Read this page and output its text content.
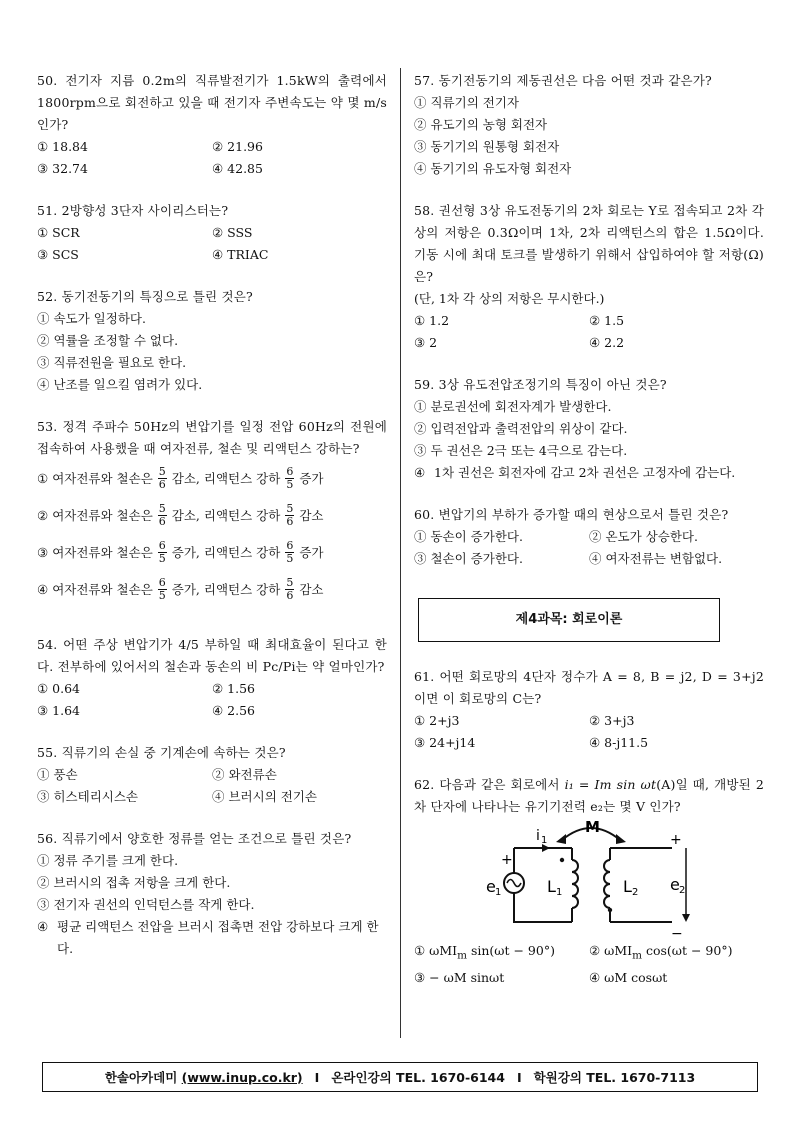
50. 전기자 지름 0.2m의 직류발전기가 1.5kW의 출력에서 1800rpm으로 회전하고 있을 때 전기자 주변속도는 약 몇 m/s 인가?
① 18.84	② 21.96
③ 32.74	④ 42.85
51. 2방향성 3단자 사이리스터는?
① SCR	② SSS
③ SCS	④ TRIAC
52. 동기전동기의 특징으로 틀린 것은?
① 속도가 일정하다.
② 역률을 조정할 수 없다.
③ 직류전원을 필요로 한다.
④ 난조를 일으킬 염려가 있다.
53. 정격 주파수 50Hz의 변압기를 일정 전압 60Hz의 전원에 접속하여 사용했을 때 여자전류, 철손 및 리액턴스 강하는?
①
여자전류와 철손은 $\frac{5}{6}$ 감소, 리액턴스 강하 $\frac{6}{5}$ 증가
②
여자전류와 철손은 $\frac{5}{6}$ 감소, 리액턴스 강하 $\frac{5}{6}$ 감소
③
여자전류와 철손은 $\frac{6}{5}$ 증가, 리액턴스 강하 $\frac{6}{5}$ 증가
④
여자전류와 철손은 $\frac{6}{5}$ 증가, 리액턴스 강하 $\frac{5}{6}$ 감소
54. 어떤 주상 변압기가 4/5 부하일 때 최대효율이 된다고 한다. 전부하에 있어서의 철손과 동손의 비 Pc/Pi는 약 얼마인가?
① 0.64	② 1.56
③ 1.64	④ 2.56
55. 직류기의 손실 중 기계손에 속하는 것은?
① 풍손	② 와전류손
③ 히스테리시스손	④ 브러시의 전기손
56. 직류기에서 양호한 정류를 얻는 조건으로 틀린 것은?
① 정류 주기를 크게 한다.
② 브러시의 접촉 저항을 크게 한다.
③ 전기자 권선의 인덕턴스를 작게 한다.
④ 평균 리액턴스 전압을 브러시 접촉면 전압 강하보다 크게 한다.
57. 동기전동기의 제동권선은 다음 어떤 것과 같은가?
① 직류기의 전기자
② 유도기의 농형 회전자
③ 동기기의 원통형 회전자
④ 동기기의 유도자형 회전자
58. 권선형 3상 유도전동기의 2차 회로는 Y로 접속되고 2차 각 상의 저항은 0.3Ω이며 1차, 2차 리액턴스의 합은 1.5Ω이다. 기동 시에 최대 토크를 발생하기 위해서 삽입하여야 할 저항(Ω)은?
(단, 1차 각 상의 저항은 무시한다.)
① 1.2	② 1.5
③ 2	④ 2.2
59. 3상 유도전압조정기의 특징이 아닌 것은?
① 분로권선에 회전자계가 발생한다.
② 입력전압과 출력전압의 위상이 같다.
③ 두 권선은 2극 또는 4극으로 감는다.
④ 1차 권선은 회전자에 감고 2차 권선은 고정자에 감는다.
60. 변압기의 부하가 증가할 때의 현상으로서 틀린 것은?
① 동손이 증가한다.	② 온도가 상승한다.
③ 철손이 증가한다.	④ 여자전류는 변함없다.
제4과목: 회로이론
61. 어떤 회로망의 4단자 정수가 A = 8, B = j2, D = 3+j2 이면 이 회로망의 C는?
① 2+j3	② 3+j3
③ 24+j14	④ 8-j11.5
62. 다음과 같은 회로에서 i₁ = Im sin ωt(A)일 때, 개방된 2차 단자에 나타나는 유기기전력 e₂는 몇 V 인가?
M
i 1
+
e 1	L 1	L 2
+
e 2
−
① ωMI$_m$ sin(ωt − 90°)	② ωMI$_m$ cos(ωt − 90°)
③ − ωM sinωt	④ ωM cosωt
한솔아카데미
(www.inup.co.kr) I 온라인강의 TEL. 1670-6144 I 학원강의 TEL. 1670-7113
